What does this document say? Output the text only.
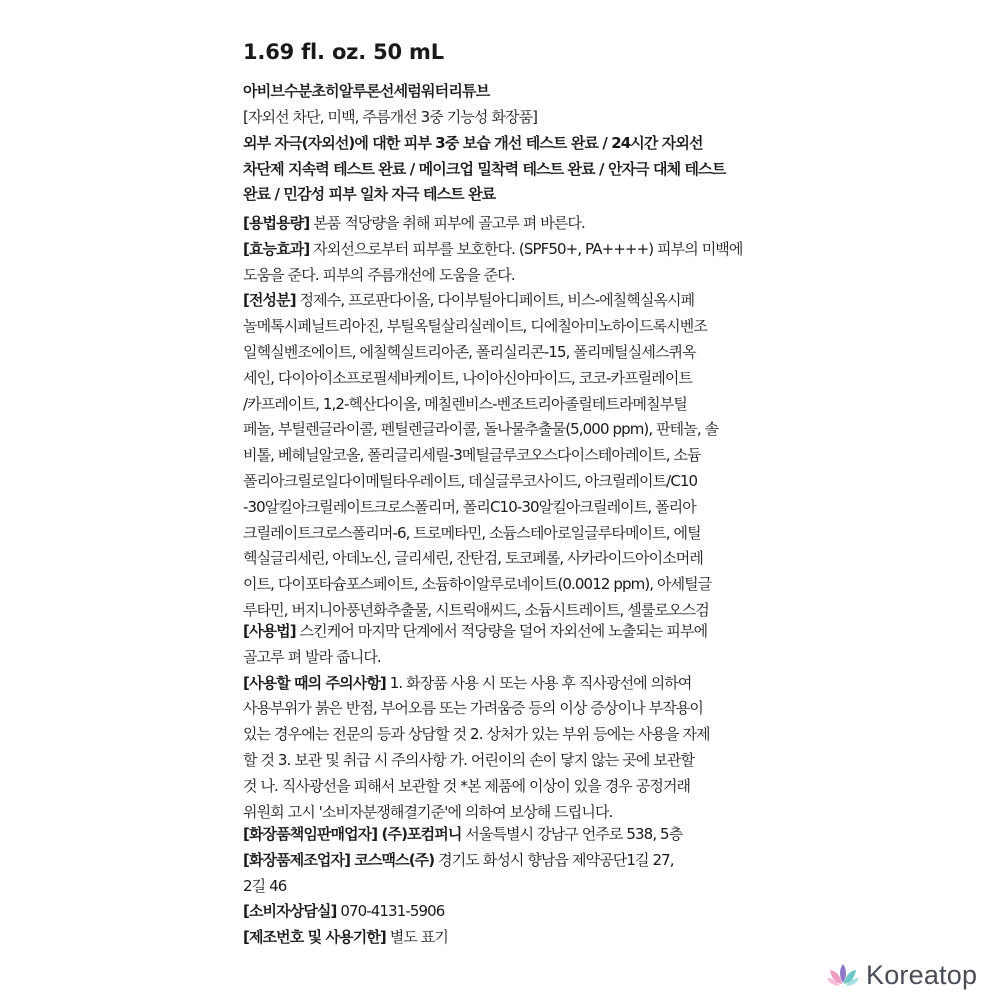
1.69 fl. oz. 50 mL
아비브수분초히알루론선세럼워터리튜브
[자외선 차단, 미백, 주름개선 3중 기능성 화장품]
외부 자극(자외선)에 대한 피부 3중 보습 개선 테스트 완료 / 24시간 자외선
차단제 지속력 테스트 완료 / 메이크업 밀착력 테스트 완료 / 안자극 대체 테스트
완료 / 민감성 피부 일차 자극 테스트 완료
[용법용량] 본품 적당량을 취해 피부에 골고루 펴 바른다.
[효능효과] 자외선으로부터 피부를 보호한다. (SPF50+, PA++++) 피부의 미백에
도움을 준다. 피부의 주름개선에 도움을 준다.
[전성분] 정제수, 프로판다이올, 다이부틸아디페이트, 비스-에칠헥실옥시페
놀메톡시페닐트리아진, 부틸옥틸살리실레이트, 디에칠아미노하이드록시벤조
일헥실벤조에이트, 에칠헥실트리아존, 폴리실리콘-15, 폴리메틸실세스퀴옥
세인, 다이아이소프로필세바케이트, 나이아신아마이드, 코코-카프릴레이트
/카프레이트, 1,2-헥산다이올, 메칠렌비스-벤조트리아졸릴테트라메칠부틸
페놀, 부틸렌글라이콜, 펜틸렌글라이콜, 돌나물추출물(5,000 ppm), 판테놀, 솔
비톨, 베헤닐알코올, 폴리글리세릴-3메틸글루코오스다이스테아레이트, 소듐
폴리아크릴로일다이메틸타우레이트, 데실글루코사이드, 아크릴레이트/C10
-30알킬아크릴레이트크로스폴리머, 폴리C10-30알킬아크릴레이트, 폴리아
크릴레이트크로스폴리머-6, 트로메타민, 소듐스테아로일글루타메이트, 에틸
헥실글리세린, 아데노신, 글리세린, 잔탄검, 토코페롤, 사카라이드아이소머레
이트, 다이포타슘포스페이트, 소듐하이알루로네이트(0.0012 ppm), 아세틸글
루타민, 버지니아풍년화추출물, 시트릭애씨드, 소듐시트레이트, 셀룰로오스검
[사용법] 스킨케어 마지막 단계에서 적당량을 덜어 자외선에 노출되는 피부에
골고루 펴 발라 줍니다.
[사용할 때의 주의사항] 1. 화장품 사용 시 또는 사용 후 직사광선에 의하여
사용부위가 붉은 반점, 부어오름 또는 가려움증 등의 이상 증상이나 부작용이
있는 경우에는 전문의 등과 상담할 것 2. 상처가 있는 부위 등에는 사용을 자제
할 것 3. 보관 및 취급 시 주의사항 가. 어린이의 손이 닿지 않는 곳에 보관할
것 나. 직사광선을 피해서 보관할 것 *본 제품에 이상이 있을 경우 공정거래
위원회 고시 '소비자분쟁해결기준'에 의하여 보상해 드립니다.
[화장품책임판매업자] (주)포컴퍼니 서울특별시 강남구 언주로 538, 5층
[화장품제조업자] 코스맥스(주) 경기도 화성시 향남읍 제약공단1길 27,
2길 46
[소비자상담실] 070-4131-5906
[제조번호 및 사용기한] 별도 표기
Koreatop
